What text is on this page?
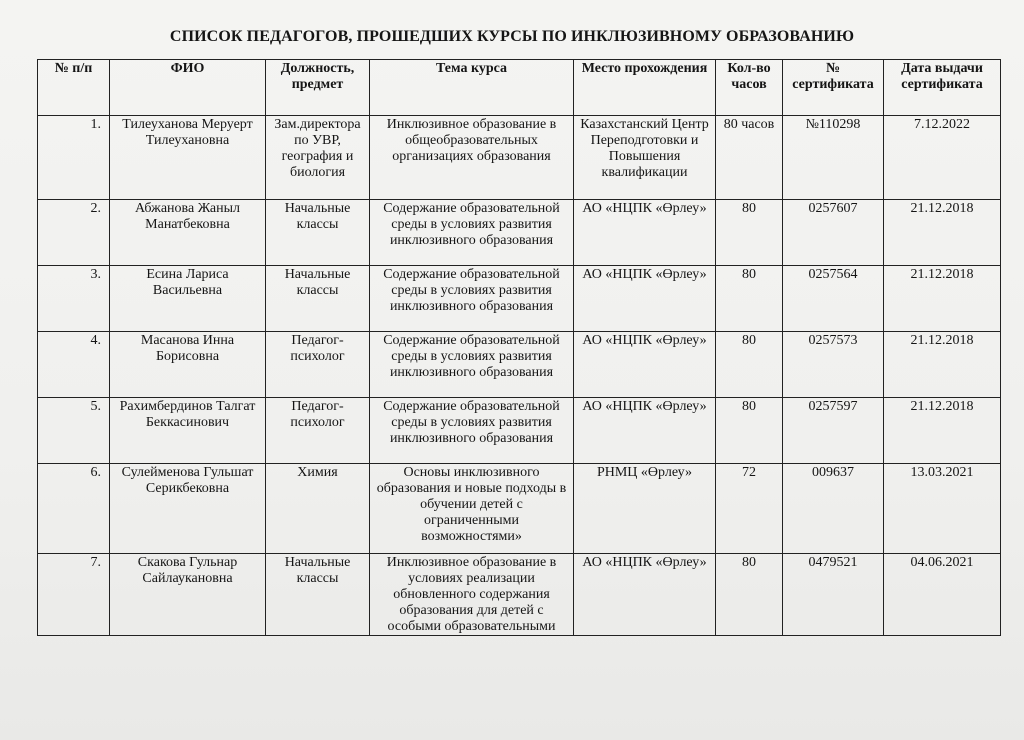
СПИСОК ПЕДАГОГОВ, ПРОШЕДШИХ КУРСЫ ПО ИНКЛЮЗИВНОМУ ОБРАЗОВАНИЮ
№ п/п	ФИО	Должность, предмет	Тема курса	Место прохождения	Кол-во часов	№ сертификата	Дата выдачи сертификата
1.	Тилеуханова Меруерт Тилеухановна	Зам.директора по УВР, география и биология	Инклюзивное образование в общеобразовательных организациях образования	Казахстанский Центр Переподготовки и Повышения квалификации	80 часов	№110298	7.12.2022
2.	Абжанова Жаныл Манатбековна	Начальные классы	Содержание образовательной среды в условиях развития инклюзивного образования	АО «НЦПК «Өрлеу»	80	0257607	21.12.2018
3.	Есина Лариса Васильевна	Начальные классы	Содержание образовательной среды в условиях развития инклюзивного образования	АО «НЦПК «Өрлеу»	80	0257564	21.12.2018
4.	Масанова Инна Борисовна	Педагог-психолог	Содержание образовательной среды в условиях развития инклюзивного образования	АО «НЦПК «Өрлеу»	80	0257573	21.12.2018
5.	Рахимбердинов Талгат Беккасинович	Педагог-психолог	Содержание образовательной среды в условиях развития инклюзивного образования	АО «НЦПК «Өрлеу»	80	0257597	21.12.2018
6.	Сулейменова Гульшат Серикбековна	Химия	Основы инклюзивного образования и новые подходы в обучении детей с ограниченными возможностями»	РНМЦ «Өрлеу»	72	009637	13.03.2021
7.	Скакова Гульнар Сайлаукановна	Начальные классы	Инклюзивное образование в условиях реализации обновленного содержания образования для детей с особыми образовательными	АО «НЦПК «Өрлеу»	80	0479521	04.06.2021
